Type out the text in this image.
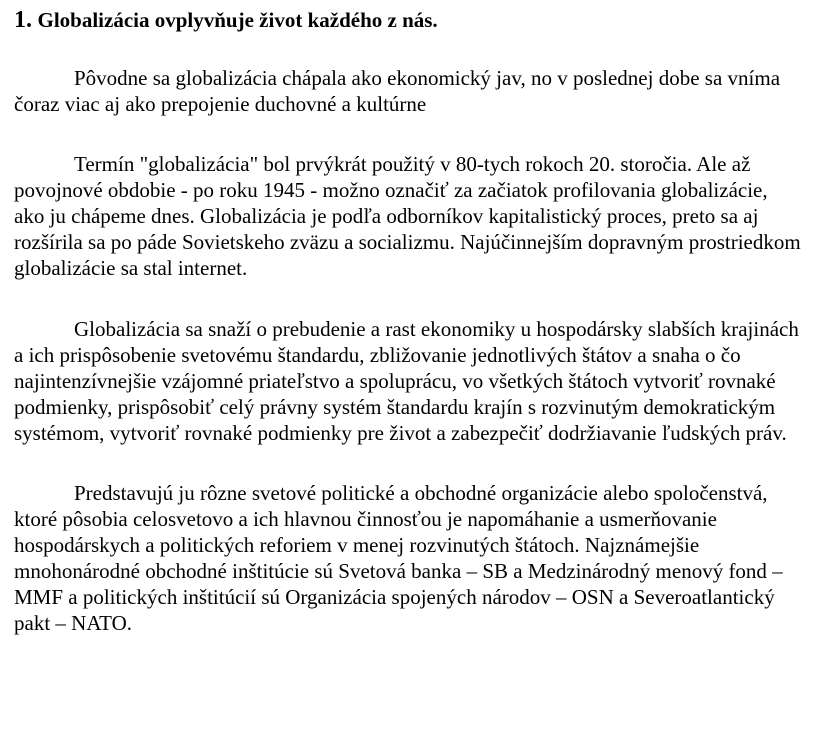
1. Globalizácia ovplyvňuje život každého z nás.

Pôvodne sa globalizácia chápala ako ekonomický jav, no v poslednej dobe sa vníma čoraz viac aj ako prepojenie duchovné a kultúrne

Termín "globalizácia" bol prvýkrát použitý v 80-tych rokoch 20. storočia. Ale až povojnové obdobie - po roku 1945 - možno označiť za začiatok profilovania globalizácie, ako ju chápeme dnes. Globalizácia je podľa odborníkov kapitalistický proces, preto sa aj rozšírila sa po páde Sovietskeho zväzu a socializmu. Najúčinnejším dopravným prostriedkom globalizácie sa stal internet.

Globalizácia sa snaží o prebudenie a rast ekonomiky u hospodársky slabších krajinách a ich prispôsobenie svetovému štandardu, zbližovanie jednotlivých štátov a snaha o čo najintenzívnejšie vzájomné priateľstvo a spoluprácu, vo všetkých štátoch vytvoriť rovnaké podmienky, prispôsobiť celý právny systém štandardu krajín s rozvinutým demokratickým systémom, vytvoriť rovnaké podmienky pre život a zabezpečiť dodržiavanie ľudských práv.

Predstavujú ju rôzne svetové politické a obchodné organizácie alebo spoločenstvá, ktoré pôsobia celosvetovo a ich hlavnou činnosťou je napomáhanie a usmerňovanie hospodárskych a politických reforiem v menej rozvinutých štátoch. Najznámejšie mnohonárodné obchodné inštitúcie sú Svetová banka – SB a Medzinárodný menový fond – MMF a politických inštitúcií sú Organizácia spojených národov – OSN a Severoatlantický pakt – NATO.
